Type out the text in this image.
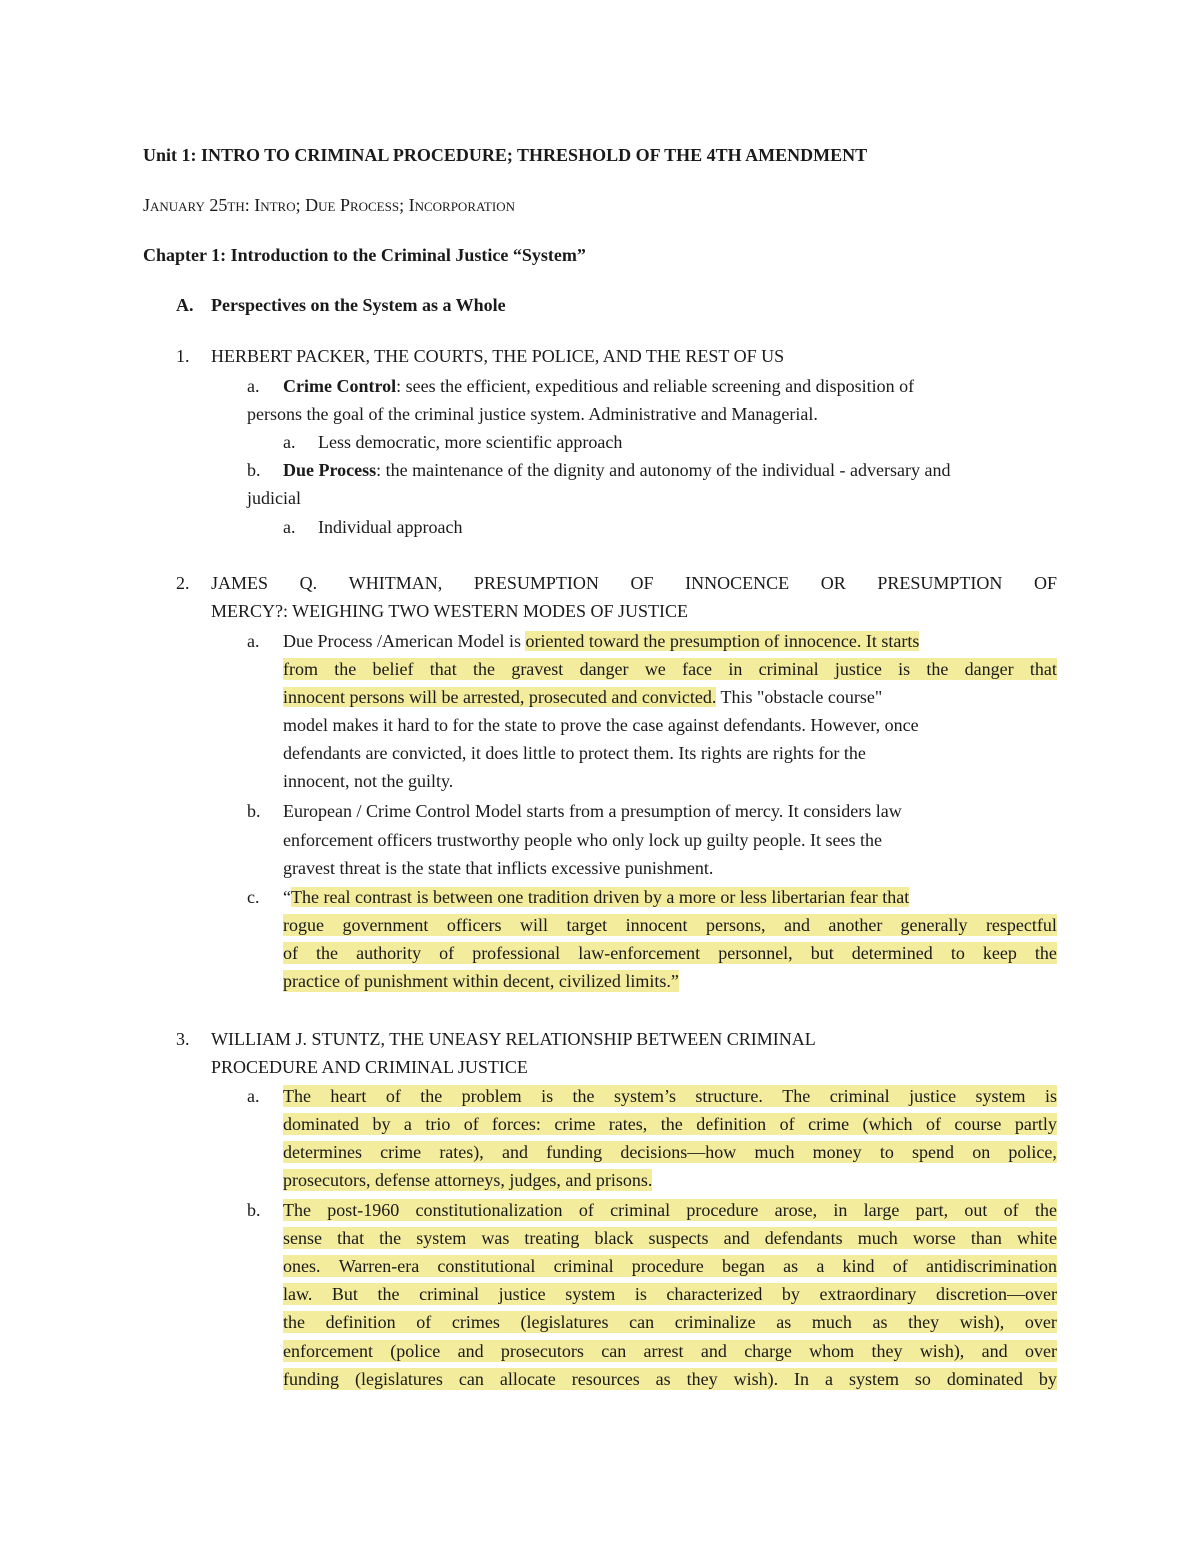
Unit 1: INTRO TO CRIMINAL PROCEDURE; THRESHOLD OF THE 4TH AMENDMENT
January 25th: Intro; Due Process; Incorporation
Chapter 1: Introduction to the Criminal Justice “System”
A. Perspectives on the System as a Whole
1. HERBERT PACKER, THE COURTS, THE POLICE, AND THE REST OF US
a. Crime Control: sees the efficient, expeditious and reliable screening and disposition of
persons the goal of the criminal justice system. Administrative and Managerial.
a. Less democratic, more scientific approach
b.	Due Process: the maintenance of the dignity and autonomy of the individual - adversary and
judicial
a. Individual approach
2. JAMES Q. WHITMAN, PRESUMPTION OF INNOCENCE OR PRESUMPTION OF
MERCY?: WEIGHING TWO WESTERN MODES OF JUSTICE
a. Due Process /American Model is oriented toward the presumption of innocence. It starts
from the belief that the gravest danger we face in criminal justice is the danger that
innocent persons will be arrested, prosecuted and convicted. This "obstacle course"
model makes it hard to for the state to prove the case against defendants. However, once
defendants are convicted, it does little to protect them. Its rights are rights for the
innocent, not the guilty.
b. European / Crime Control Model starts from a presumption of mercy. It considers law
enforcement officers trustworthy people who only lock up guilty people. It sees the
gravest threat is the state that inflicts excessive punishment.
c. “The real contrast is between one tradition driven by a more or less libertarian fear that
rogue government officers will target innocent persons, and another generally respectful
of the authority of professional law-enforcement personnel, but determined to keep the
practice of punishment within decent, civilized limits.”
3. WILLIAM J. STUNTZ, THE UNEASY RELATIONSHIP BETWEEN CRIMINAL
PROCEDURE AND CRIMINAL JUSTICE
a. The heart of the problem is the system’s structure. The criminal justice system is
dominated by a trio of forces: crime rates, the definition of crime (which of course partly
determines crime rates), and funding decisions—how much money to spend on police,
prosecutors, defense attorneys, judges, and prisons.
b. The post-1960 constitutionalization of criminal procedure arose, in large part, out of the
sense that the system was treating black suspects and defendants much worse than white
ones. Warren-era constitutional criminal procedure began as a kind of antidiscrimination
law. But the criminal justice system is characterized by extraordinary discretion—over
the definition of crimes (legislatures can criminalize as much as they wish), over
enforcement (police and prosecutors can arrest and charge whom they wish), and over
funding (legislatures can allocate resources as they wish). In a system so dominated by
